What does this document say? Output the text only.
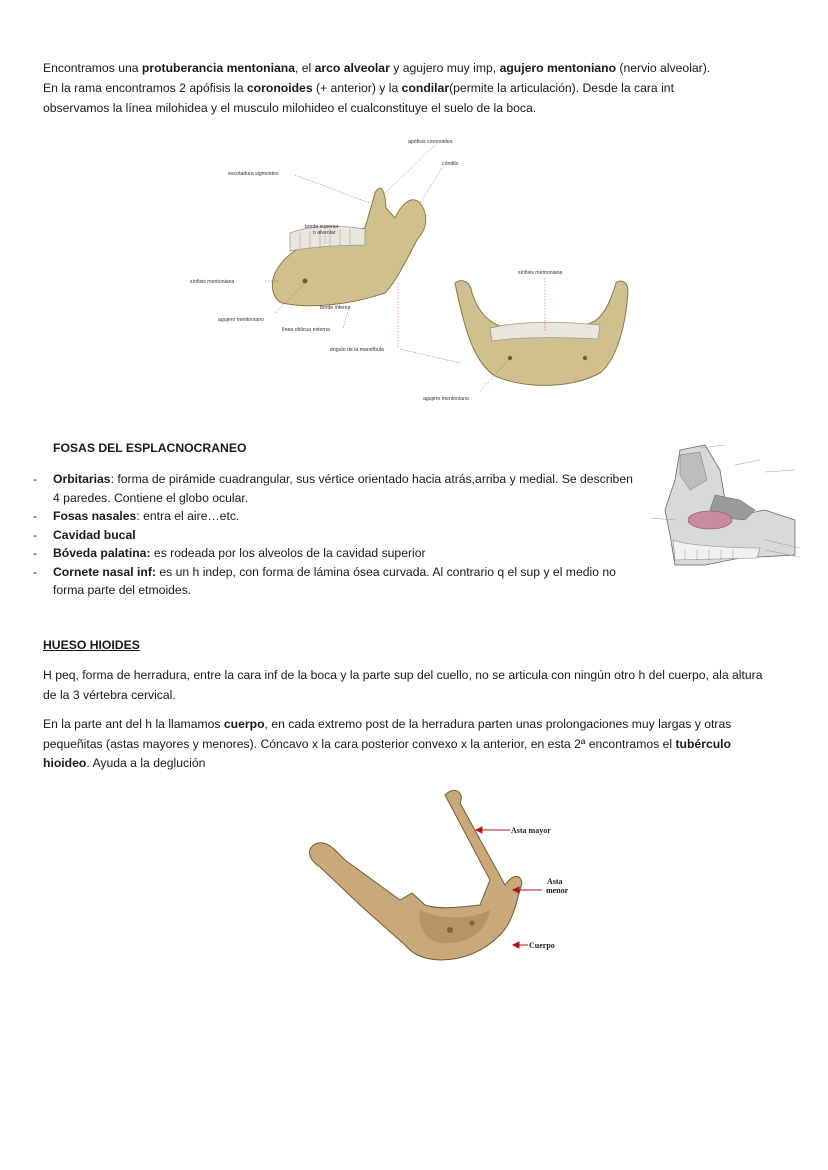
Encontramos una protuberancia mentoniana, el arco alveolar y agujero muy imp, agujero mentoniano (nervio alveolar).

En la rama encontramos 2 apófisis la coronoides (+ anterior) y la condilar(permite la articulación). Desde la cara int

observamos la línea milohidea y el musculo milohideo el cualconstituye el suelo de la boca.

apófisis coronoides
cóndilo
escotadura sigmoides
borde superior
o alveolar
sínfisis mentoniana
borde inferior
agujero mentoniano
línea oblicua externa
ángulo de la mandíbula
sínfisis mentoniana
agujero mentoniano
FOSAS DEL ESPLACNOCRANEO
- Orbitarias: forma de pirámide cuadrangular, sus vértice orientado hacia atrás,arriba y medial. Se describen 4 paredes. Contiene el globo ocular.
- Fosas nasales: entra el aire…etc.
- Cavidad bucal
- Bóveda palatina: es rodeada por los alveolos de la cavidad superior
- Cornete nasal inf: es un h indep, con forma de lámina ósea curvada. Al contrario q el sup y el medio no forma parte del etmoides.
HUESO HIOIDES

H peq, forma de herradura, entre la cara inf de la boca y la parte sup del cuello, no se articula con ningún otro h del cuerpo, ala altura de la 3 vértebra cervical.

En la parte ant del h la llamamos cuerpo, en cada extremo post de la herradura parten unas prolongaciones muy largas y otras pequeñitas (astas mayores y menores). Cóncavo x la cara posterior convexo x la anterior, en esta 2ª encontramos el tubérculo hioideo. Ayuda a la deglución

Asta mayor
Asta
menor
Cuerpo
